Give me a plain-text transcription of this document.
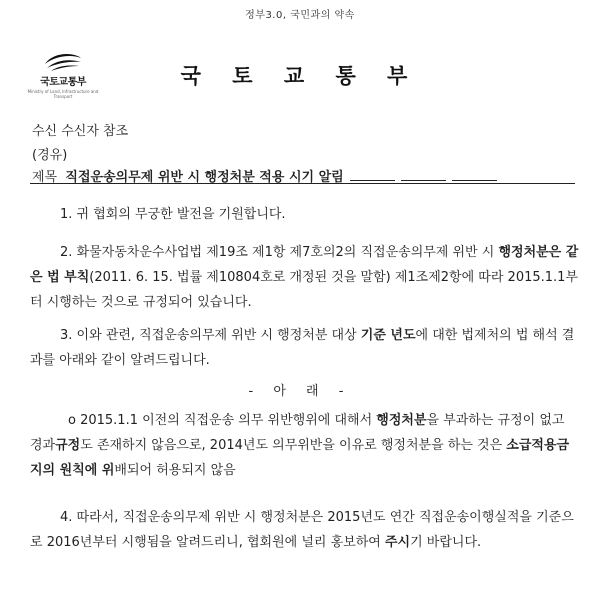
정부3.0, 국민과의 약속
국토교통부
Ministry of Land, Infrastructure and Transport
국 토 교 통 부
수신 수신자 참조
(경유)
제목 직접운송의무제 위반 시 행정처분 적용 시기 알림
1. 귀 협회의 무궁한 발전을 기원합니다.
2. 화물자동차운수사업법 제19조 제1항 제7호의2의 직접운송의무제 위반 시 행정처분은 같은 법 부칙(2011. 6. 15. 법률 제10804호로 개정된 것을 말함) 제1조제2항에 따라 2015.1.1부터 시행하는 것으로 규정되어 있습니다.
3. 이와 관련, 직접운송의무제 위반 시 행정처분 대상 기준 년도에 대한 법제처의 법 해석 결과를 아래와 같이 알려드립니다.
- 아 래 -
o 2015.1.1 이전의 직접운송 의무 위반행위에 대해서 행정처분을 부과하는 규정이 없고 경과규정도 존재하지 않음으로, 2014년도 의무위반을 이유로 행정처분을 하는 것은 소급적용금지의 원칙에 위배되어 허용되지 않음
4. 따라서, 직접운송의무제 위반 시 행정처분은 2015년도 연간 직접운송이행실적을 기준으로 2016년부터 시행됨을 알려드리니, 협회원에 널리 홍보하여 주시기 바랍니다.
